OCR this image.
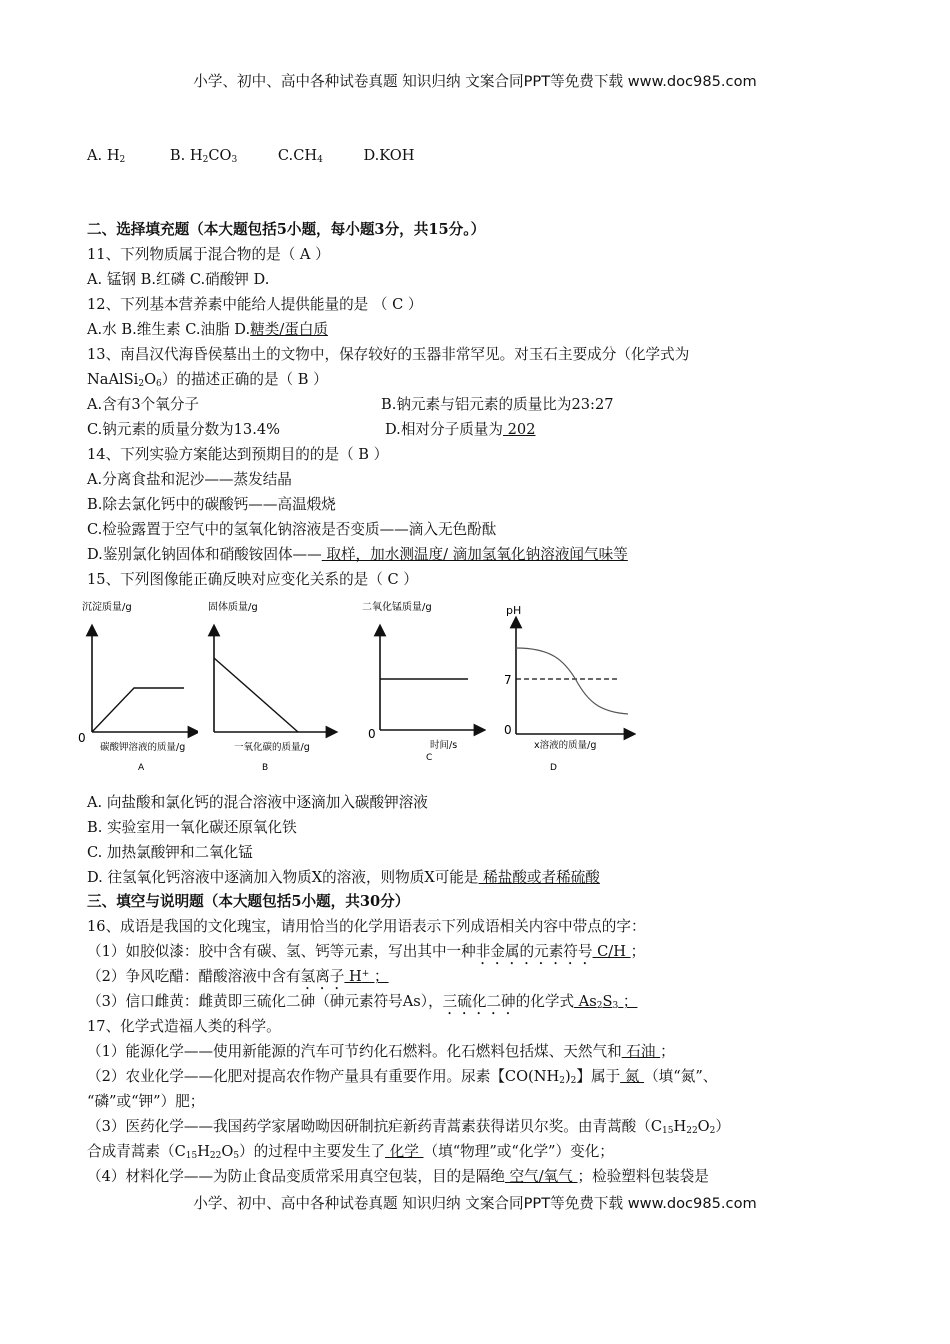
小学、初中、高中各种试卷真题 知识归纳 文案合同PPT等免费下载 www.doc985.com
A. $H_2$	B. $H_2CO_3$	$C.CH_4$	D.KOH
二、选择填充题（本大题包括5小题，每小题3分，共15分。）
11、下列物质属于混合物的是（ A ）
A. 锰钢 B.红磷 C.硝酸钾 D.
12、下列基本营养素中能给人提供能量的是 （ C ）
A.水 B.维生素 C.油脂 D.糖类/蛋白质
13、南昌汉代海昏侯墓出土的文物中，保存较好的玉器非常罕见。对玉石主要成分（化学式为
$NaAlSi_2O_6$）的描述正确的是（ B ）
A.含有3个氧分子	B.钠元素与铝元素的质量比为23:27
C.钠元素的质量分数为13.4%	D.相对分子质量为 202
14、下列实验方案能达到预期目的的是（ B ）
A.分离食盐和泥沙——蒸发结晶
B.除去氯化钙中的碳酸钙——高温煅烧
C.检验露置于空气中的氢氧化钠溶液是否变质——滴入无色酚酞
D.鉴别氯化钠固体和硝酸铵固体—— 取样，加水测温度/ 滴加氢氧化钠溶液闻气味等
15、下列图像能正确反映对应变化关系的是（ C ）
沉淀质量/g
0
碳酸钾溶液的质量/g
A
固体质量/g
一氧化碳的质量/g
B
二氧化锰质量/g
0
时间/s
C
pH
0
7
x溶液的质量/g
D
A. 向盐酸和氯化钙的混合溶液中逐滴加入碳酸钾溶液
B. 实验室用一氧化碳还原氧化铁
C. 加热氯酸钾和二氧化锰
D. 往氢氧化钙溶液中逐滴加入物质X的溶液，则物质X可能是 稀盐酸或者稀硫酸
三、填空与说明题（本大题包括5小题，共30分）
16、成语是我国的文化瑰宝，请用恰当的化学用语表示下列成语相关内容中带点的字：
（1）如胶似漆：胶中含有碳、氢、钙等元素，写出其中一种非金属的元素符号 C/H ；
（2）争风吃醋：醋酸溶液中含有氢离子 H+ ；
（3）信口雌黄：雌黄即三硫化二砷（砷元素符号As），三硫化二砷的化学式 $As_2S_3$ ；
17、化学式造福人类的科学。
（1）能源化学——使用新能源的汽车可节约化石燃料。化石燃料包括煤、天然气和 石油 ；
（2）农业化学——化肥对提高农作物产量具有重要作用。尿素【$CO(NH_2)_2$】属于 氮 （填“氮”、
“磷”或“钾”）肥；
（3）医药化学——我国药学家屠呦呦因研制抗疟新药青蒿素获得诺贝尔奖。由青蒿酸$(C_{15}H_{22}O_2)$
合成青蒿素$(C_{15}H_{22}O_5)$的过程中主要发生了 化学 （填“物理”或“化学”）变化；
（4）材料化学——为防止食品变质常采用真空包装，目的是隔绝 空气/氧气 ；检验塑料包装袋是
小学、初中、高中各种试卷真题 知识归纳 文案合同PPT等免费下载 www.doc985.com
